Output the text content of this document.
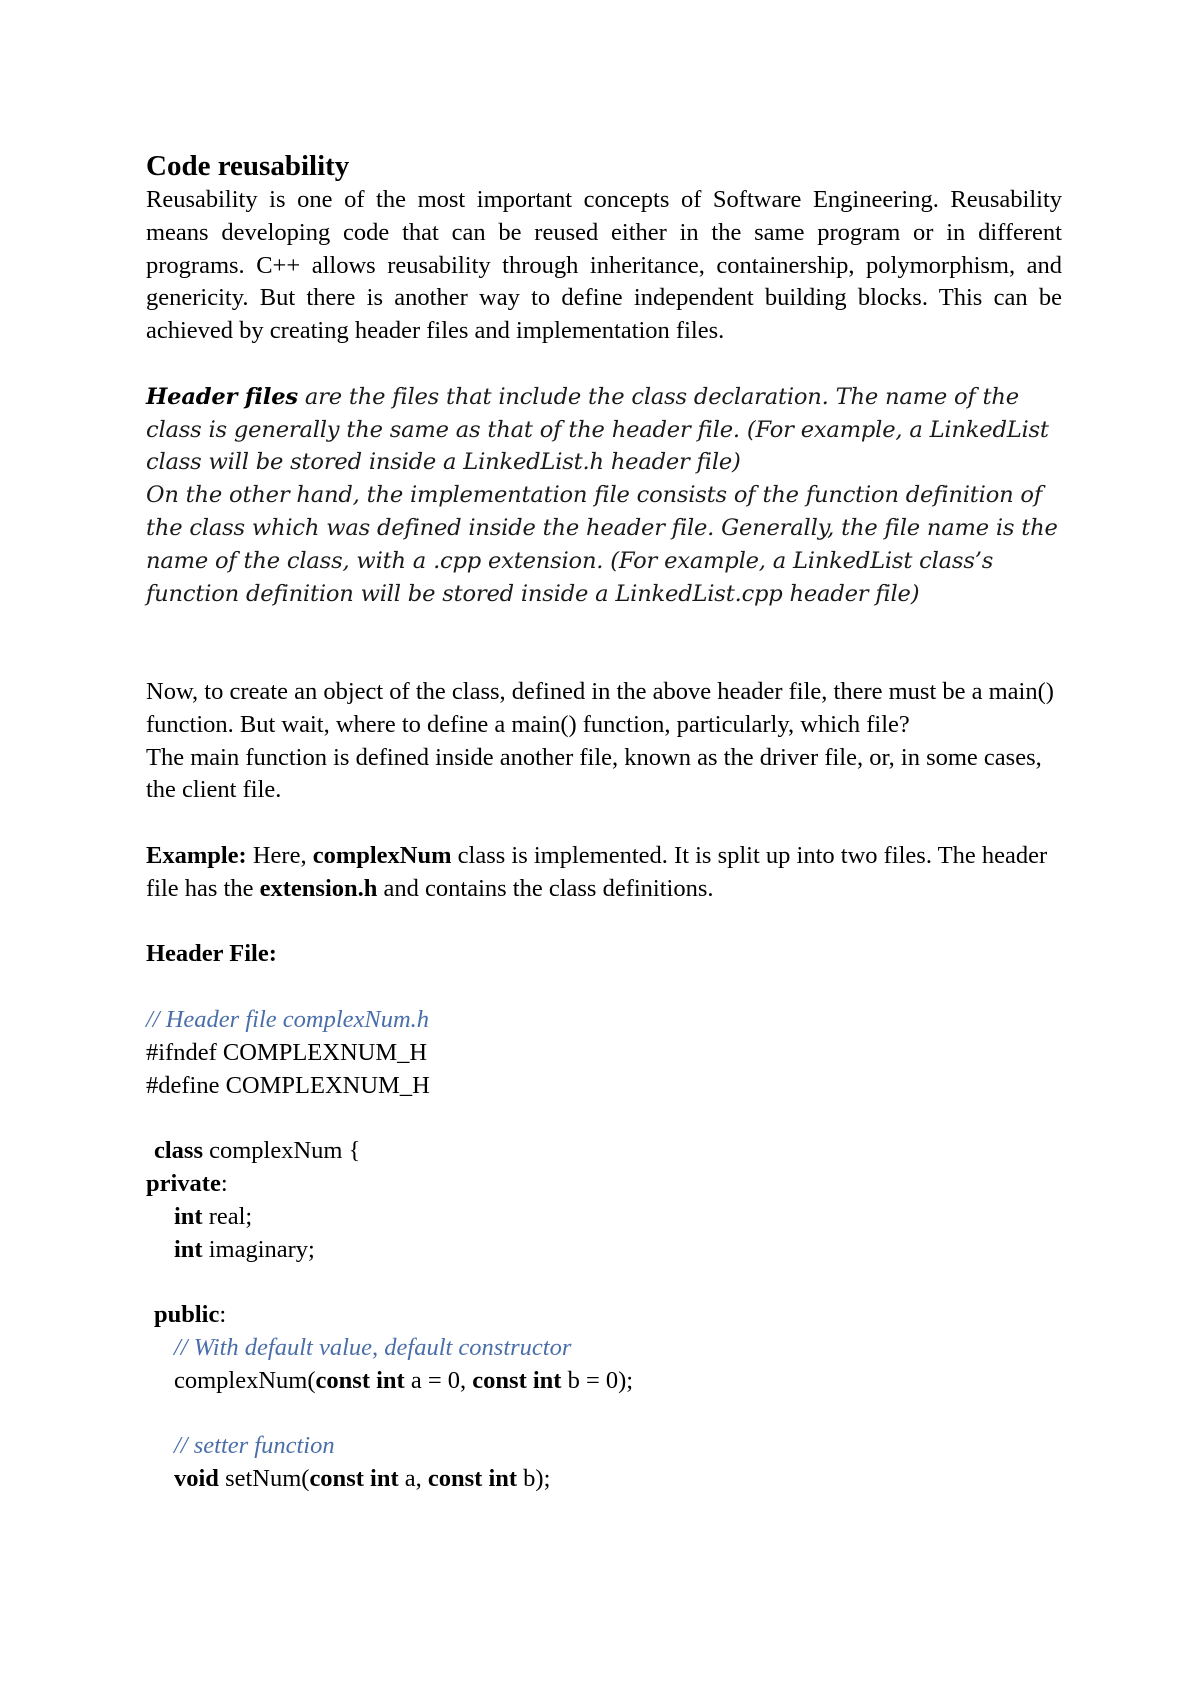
Code reusability

Reusability is one of the most important concepts of Software Engineering. Reusability means developing code that can be reused either in the same program or in different programs. C++ allows reusability through inheritance, containership, polymorphism, and genericity. But there is another way to define independent building blocks. This can be achieved by creating header files and implementation files.

Header files are the files that include the class declaration. The name of the class is generally the same as that of the header file. (For example, a LinkedList class will be stored inside a LinkedList.h header file)

On the other hand, the implementation file consists of the function definition of the class which was defined inside the header file. Generally, the file name is the name of the class, with a .cpp extension. (For example, a LinkedList class’s function definition will be stored inside a LinkedList.cpp header file)

Now, to create an object of the class, defined in the above header file, there must be a main() function. But wait, where to define a main() function, particularly, which file?

The main function is defined inside another file, known as the driver file, or, in some cases, the client file.

Example: Here, complexNum class is implemented. It is split up into two files. The header file has the extension.h and contains the class definitions.

Header File:

// Header file complexNum.h
#ifndef COMPLEXNUM_H
#define COMPLEXNUM_H
class complexNum {
private:
int real;
int imaginary;
public:
// With default value, default constructor
complexNum(const int a = 0, const int b = 0);
// setter function
void setNum(const int a, const int b);
